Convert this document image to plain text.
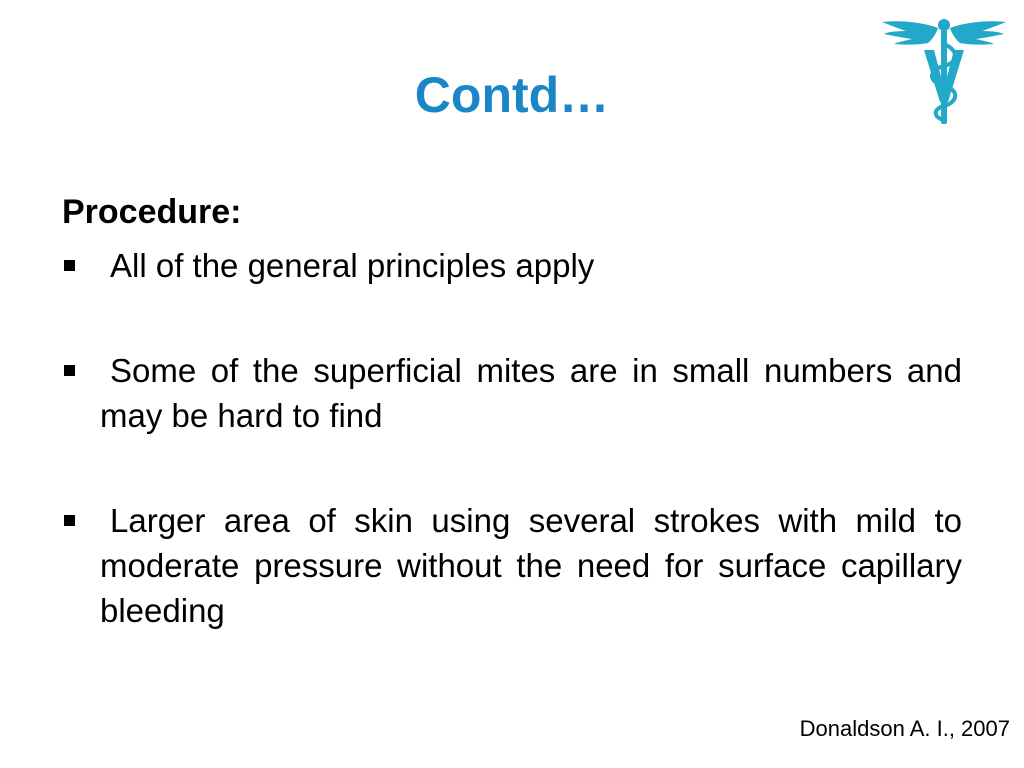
Contd…
Procedure:
All of the general principles apply
Some of the superficial mites are in small numbers and may be hard to find
Larger area of skin using several strokes with mild to moderate pressure without the need for surface capillary bleeding
Donaldson A. I., 2007
